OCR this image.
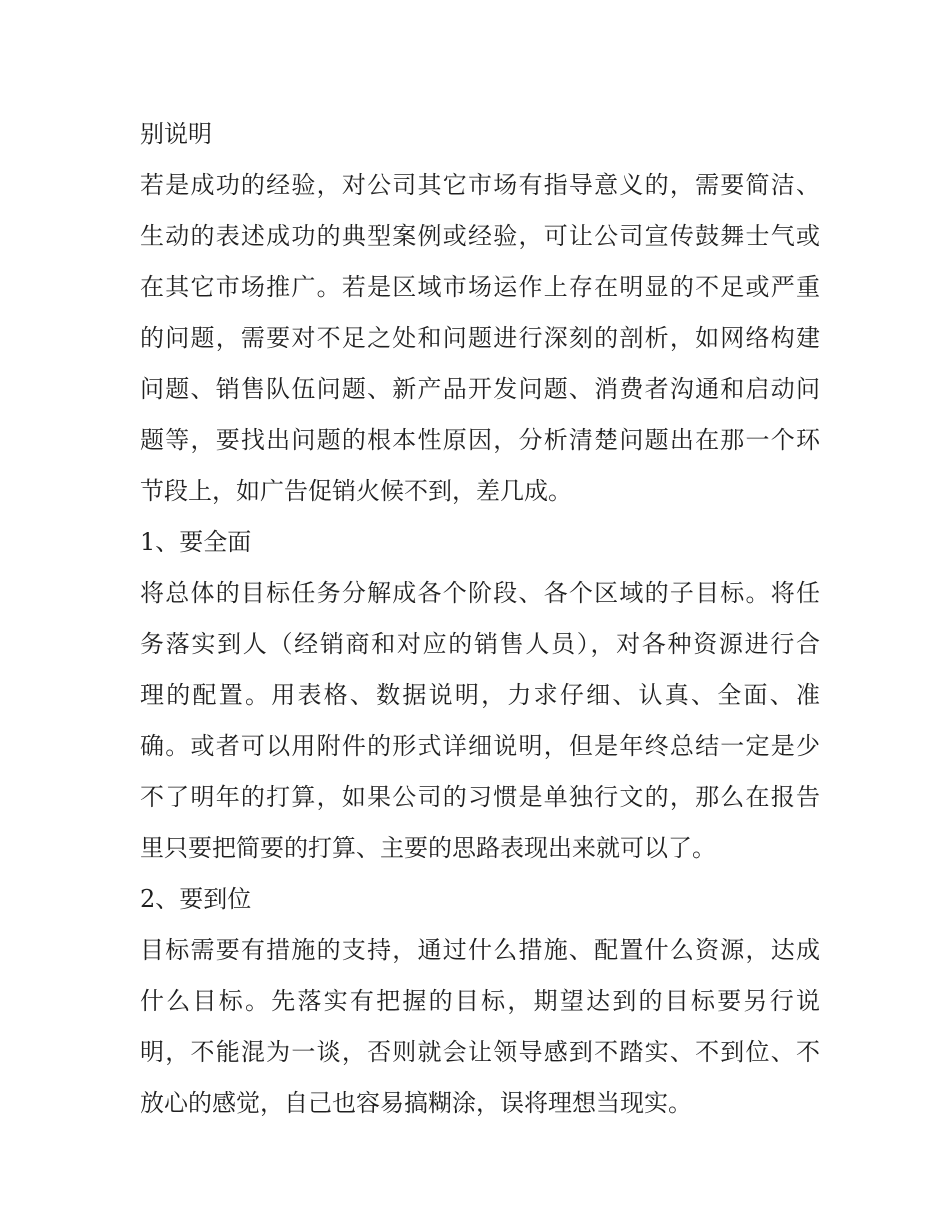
别说明
若是成功的经验，对公司其它市场有指导意义的，需要简洁、
生动的表述成功的典型案例或经验，可让公司宣传鼓舞士气或
在其它市场推广。若是区域市场运作上存在明显的不足或严重
的问题，需要对不足之处和问题进行深刻的剖析，如网络构建
问题、销售队伍问题、新产品开发问题、消费者沟通和启动问
题等，要找出问题的根本性原因，分析清楚问题出在那一个环
节段上，如广告促销火候不到，差几成。
1、要全面
将总体的目标任务分解成各个阶段、各个区域的子目标。将任
务落实到人（经销商和对应的销售人员），对各种资源进行合
理的配置。用表格、数据说明，力求仔细、认真、全面、准
确。或者可以用附件的形式详细说明，但是年终总结一定是少
不了明年的打算，如果公司的习惯是单独行文的，那么在报告
里只要把简要的打算、主要的思路表现出来就可以了。
2、要到位
目标需要有措施的支持，通过什么措施、配置什么资源，达成
什么目标。先落实有把握的目标，期望达到的目标要另行说
明，不能混为一谈，否则就会让领导感到不踏实、不到位、不
放心的感觉，自己也容易搞糊涂，误将理想当现实。
